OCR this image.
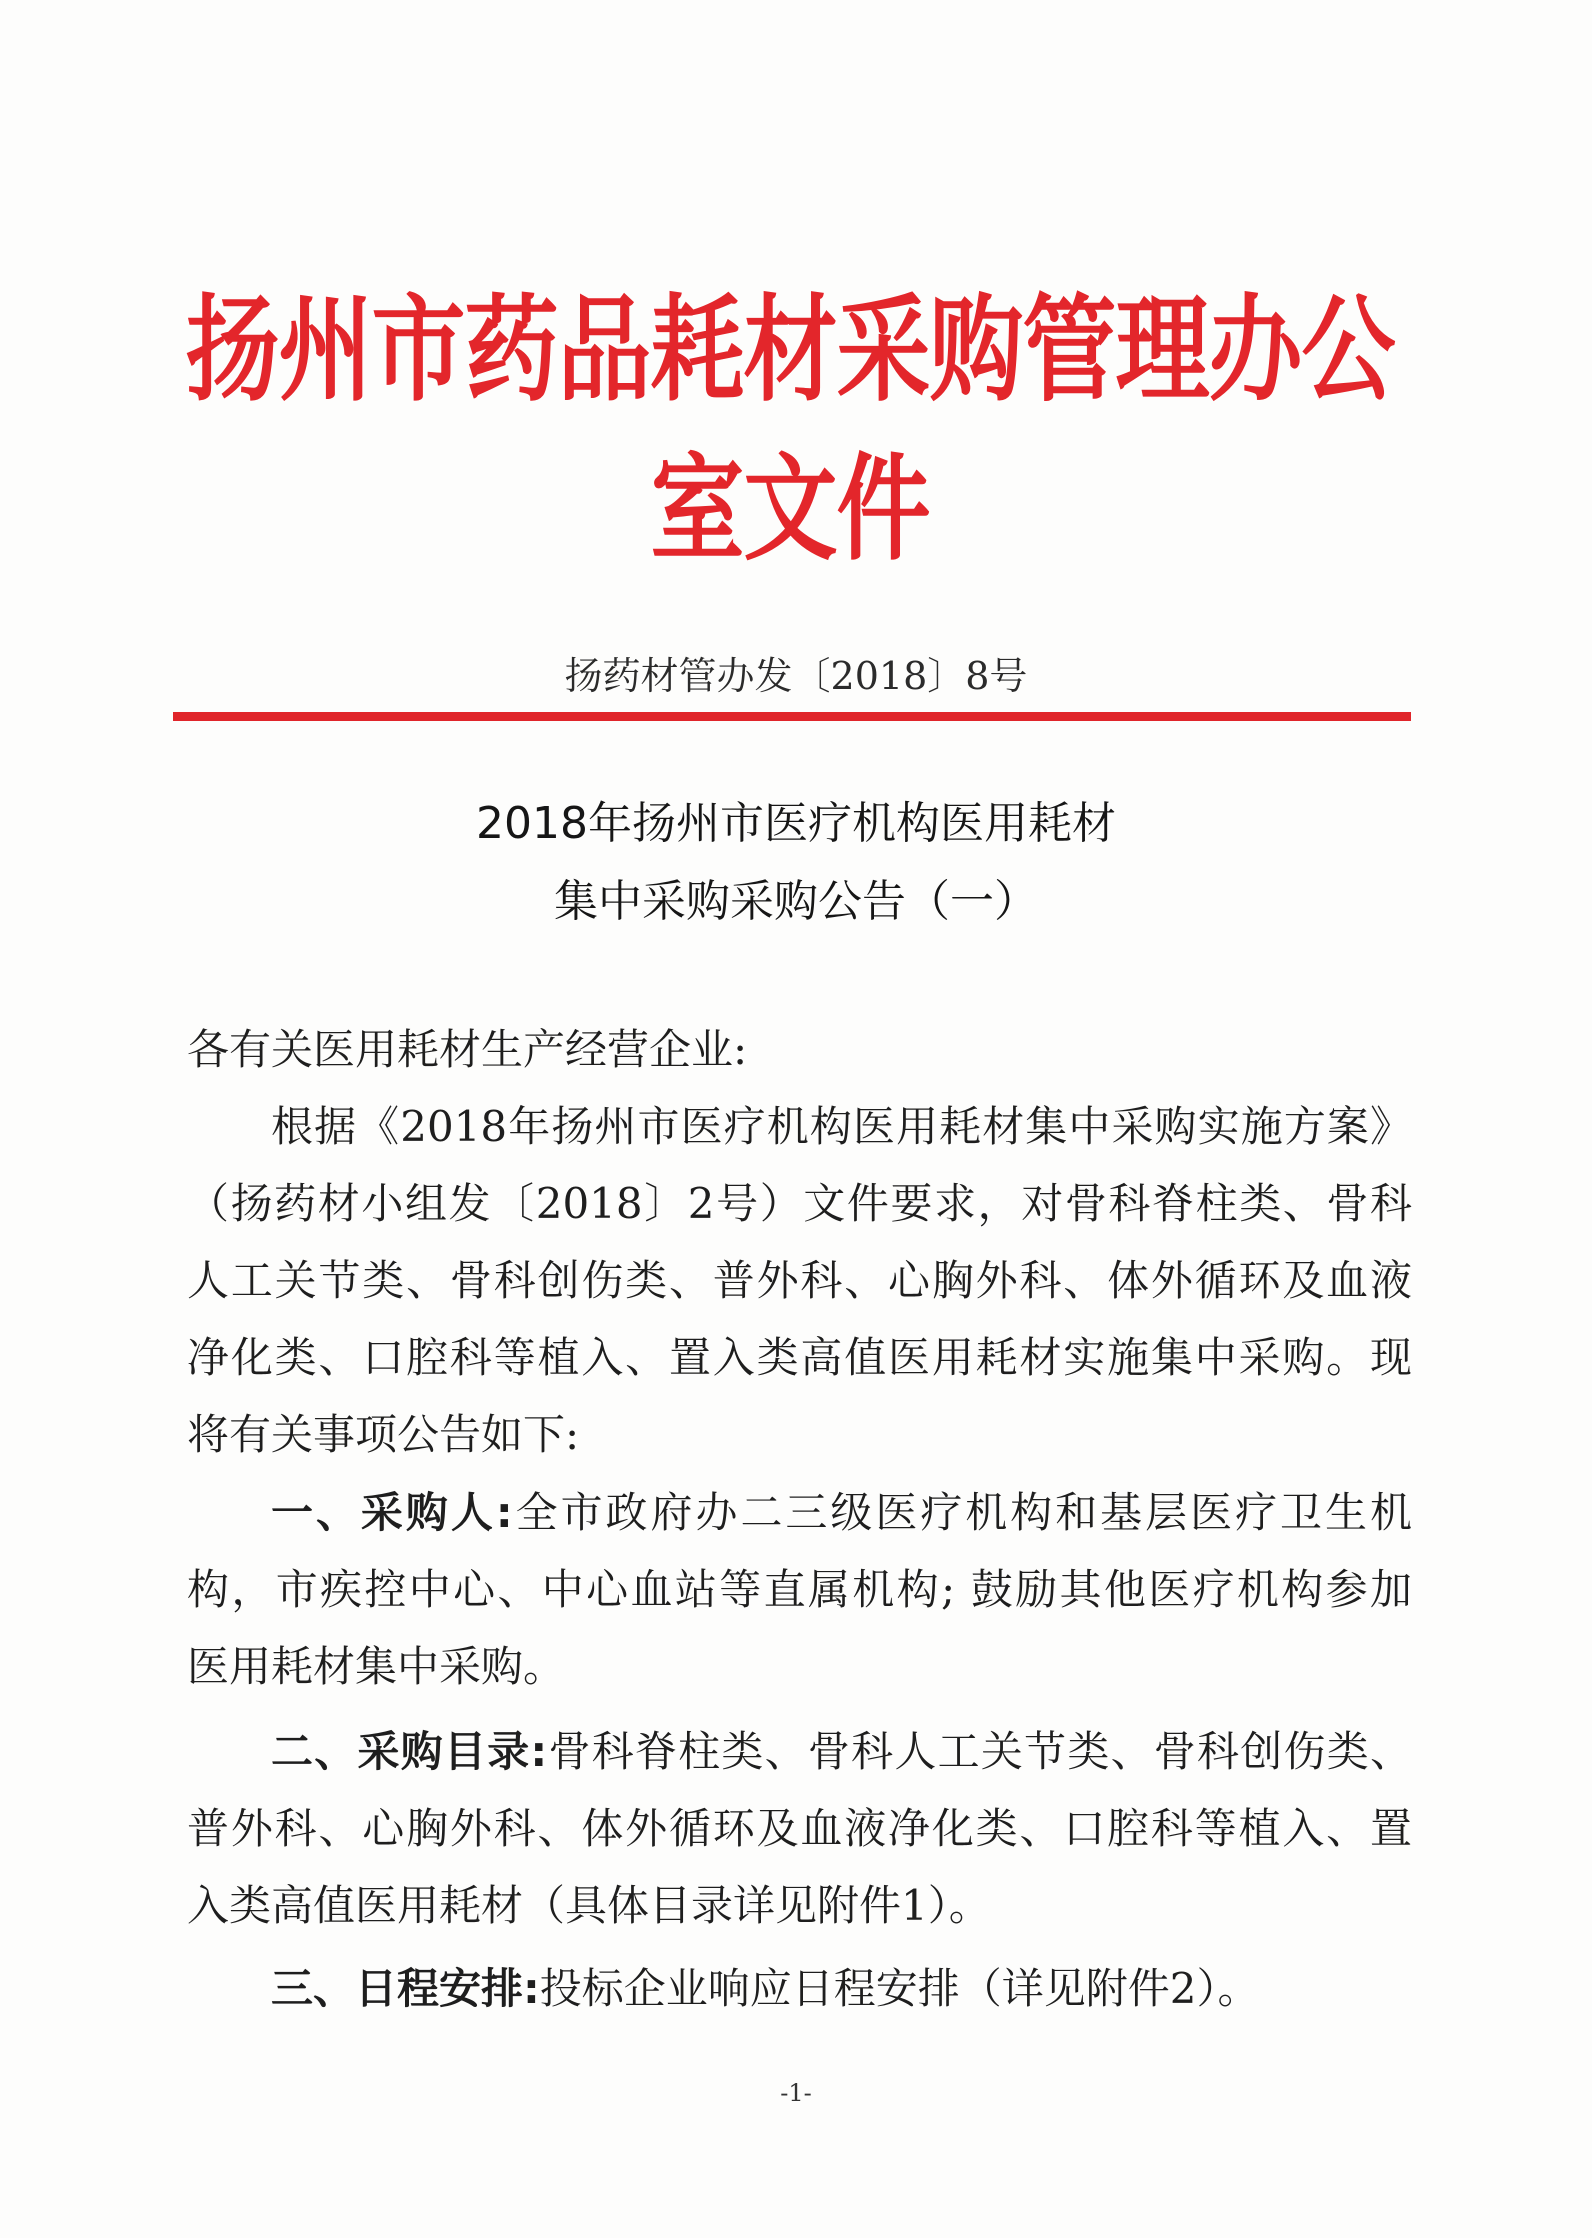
扬州市药品耗材采购管理办公室文件
扬药材管办发〔2018〕8号
2018年扬州市医疗机构医用耗材
集中采购采购公告（一）
各有关医用耗材生产经营企业:
根据《2018年扬州市医疗机构医用耗材集中采购实施方案》
（扬药材小组发〔2018〕2号）文件要求，对骨科脊柱类、骨科
人工关节类、骨科创伤类、普外科、心胸外科、体外循环及血液
净化类、口腔科等植入、置入类高值医用耗材实施集中采购。现
将有关事项公告如下:
一、采购人:全市政府办二三级医疗机构和基层医疗卫生机
构，市疾控中心、中心血站等直属机构; 鼓励其他医疗机构参加
医用耗材集中采购。
二、采购目录:骨科脊柱类、骨科人工关节类、骨科创伤类、
普外科、心胸外科、体外循环及血液净化类、口腔科等植入、置
入类高值医用耗材（具体目录详见附件1）。
三、日程安排:投标企业响应日程安排（详见附件2）。
-1-
